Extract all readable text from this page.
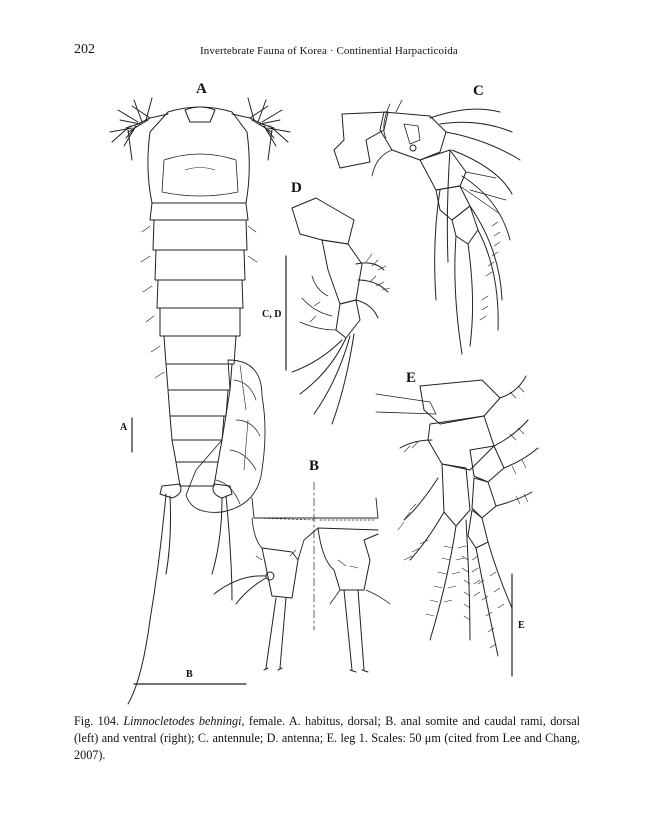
202	Invertebrate Fauna of Korea · Continential Harpacticoida
A	C
D
E
B
A
B
C, D
E
Fig. 104. Limnocletodes behningi, female. A. habitus, dorsal; B. anal somite and caudal rami, dorsal (left) and ventral (right); C. antennule; D. antenna; E. leg 1. Scales: 50 μm (cited from Lee and Chang, 2007).
